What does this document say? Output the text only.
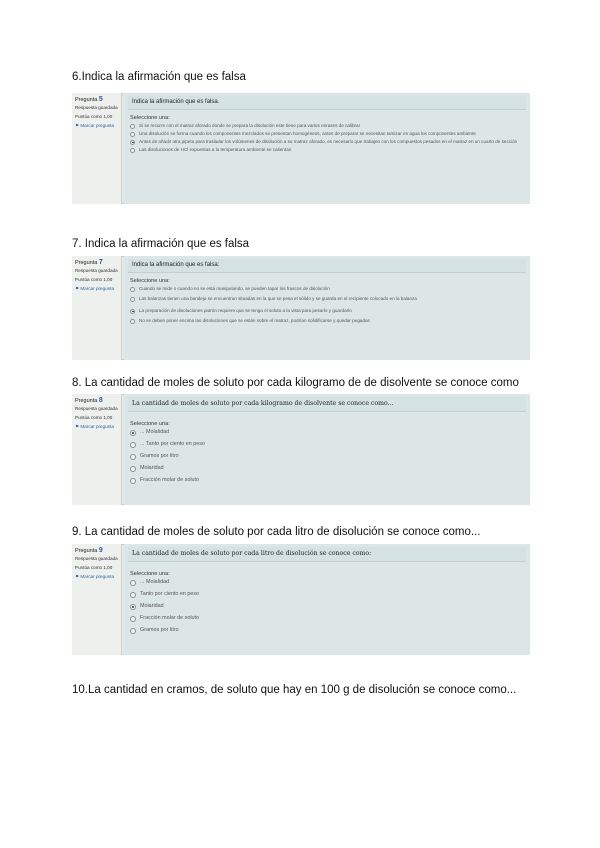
6.Indica la afirmación que es falsa
Pregunta 5
Respuesta guardada
Puntúa como 1,00
⚑ Marcar pregunta
Indica la afirmación que es falsa.
Seleccione una:
Si se recurre con el matraz aforado donde se prepara la disolución este tiene para varios enrases de calibrar
Una disolución se forma cuando los componentes mezclados se presentan homogéneos, antes de preparar se necesitan tamizar en agua los componentes ambiente
Antes de añadir otra pipeta para trasladar los volúmenes de disolución a su matraz aforado, es necesario que trabajen con los compuestos pesados en el matraz en un cuarto de sección
Las disoluciones de HCl expuestas a la temperatura ambiente se calientan
7. Indica la afirmación que es falsa
Pregunta 7
Respuesta guardada
Puntúa como 1,00
⚑ Marcar pregunta
Indica la afirmación que es falsa:
Seleccione una:
Cuando se mide o cuando no se está manipulando, se pueden tapar los frascos de disolución
Las balanzas tienen una bandeja se encuentran situadas en la que se pesa el sólido y se guarda en el recipiente colocado en la balanza
La preparación de disoluciones patrón requiere que se tenga el soluto a la vista para pesarlo y guardarlo
No se deben poner encima las disoluciones que se están sobre el matraz, podrían solidificarse y quedar pegadas
8. La cantidad de moles de soluto por cada kilogramo de de disolvente se conoce como
Pregunta 8
Respuesta guardada
Puntúa como 1,00
⚑ Marcar pregunta
La cantidad de moles de soluto por cada kilogramo de disolvente se conoce como...
Seleccione una:
... Molalidad
... Tanto por ciento en peso
Gramos por litro
Molaridad
Fracción molar de soluto
9. La cantidad de moles de soluto por cada litro de disolución se conoce como...
Pregunta 9
Respuesta guardada
Puntúa como 1,00
⚑ Marcar pregunta
La cantidad de moles de soluto por cada litro de disolución se conoce como:
Seleccione una:
... Molalidad
Tanto por ciento en peso
Molaridad
Fracción molar de soluto
Gramos por litro
10.La cantidad en cramos, de soluto que hay en 100 g de disolución se conoce como...
